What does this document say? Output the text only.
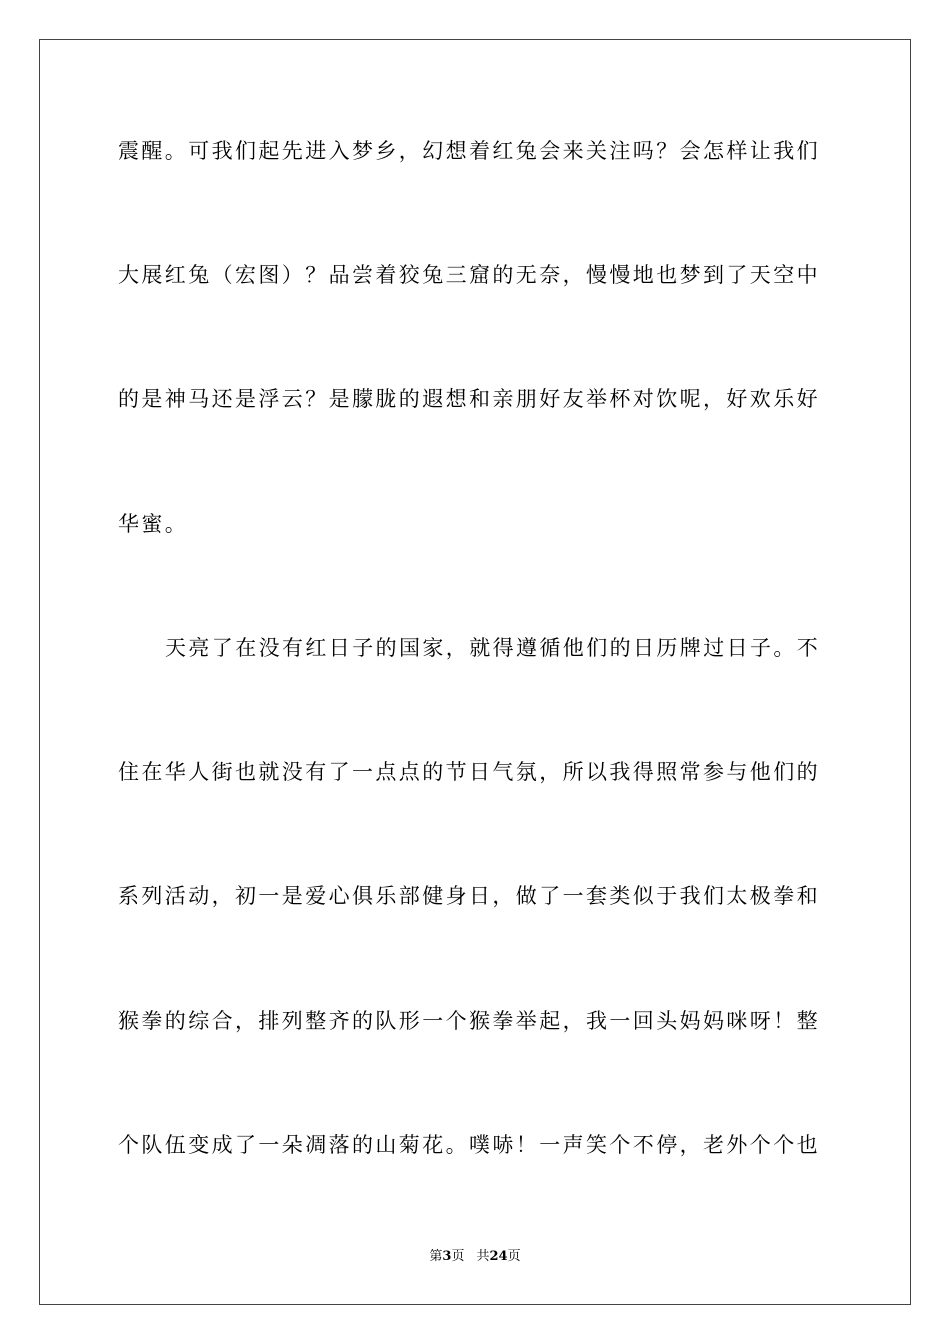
震醒。可我们起先进入梦乡，幻想着红兔会来关注吗？会怎样让我们
大展红兔（宏图）？品尝着狡兔三窟的无奈，慢慢地也梦到了天空中
的是神马还是浮云？是朦胧的遐想和亲朋好友举杯对饮呢，好欢乐好
华蜜。
天亮了在没有红日子的国家，就得遵循他们的日历牌过日子。不
住在华人街也就没有了一点点的节日气氛，所以我得照常参与他们的
系列活动，初一是爱心俱乐部健身日，做了一套类似于我们太极拳和
猴拳的综合，排列整齐的队形一个猴拳举起，我一回头妈妈咪呀！整
个队伍变成了一朵凋落的山菊花。噗哧！一声笑个不停，老外个个也
第3页 共24页
